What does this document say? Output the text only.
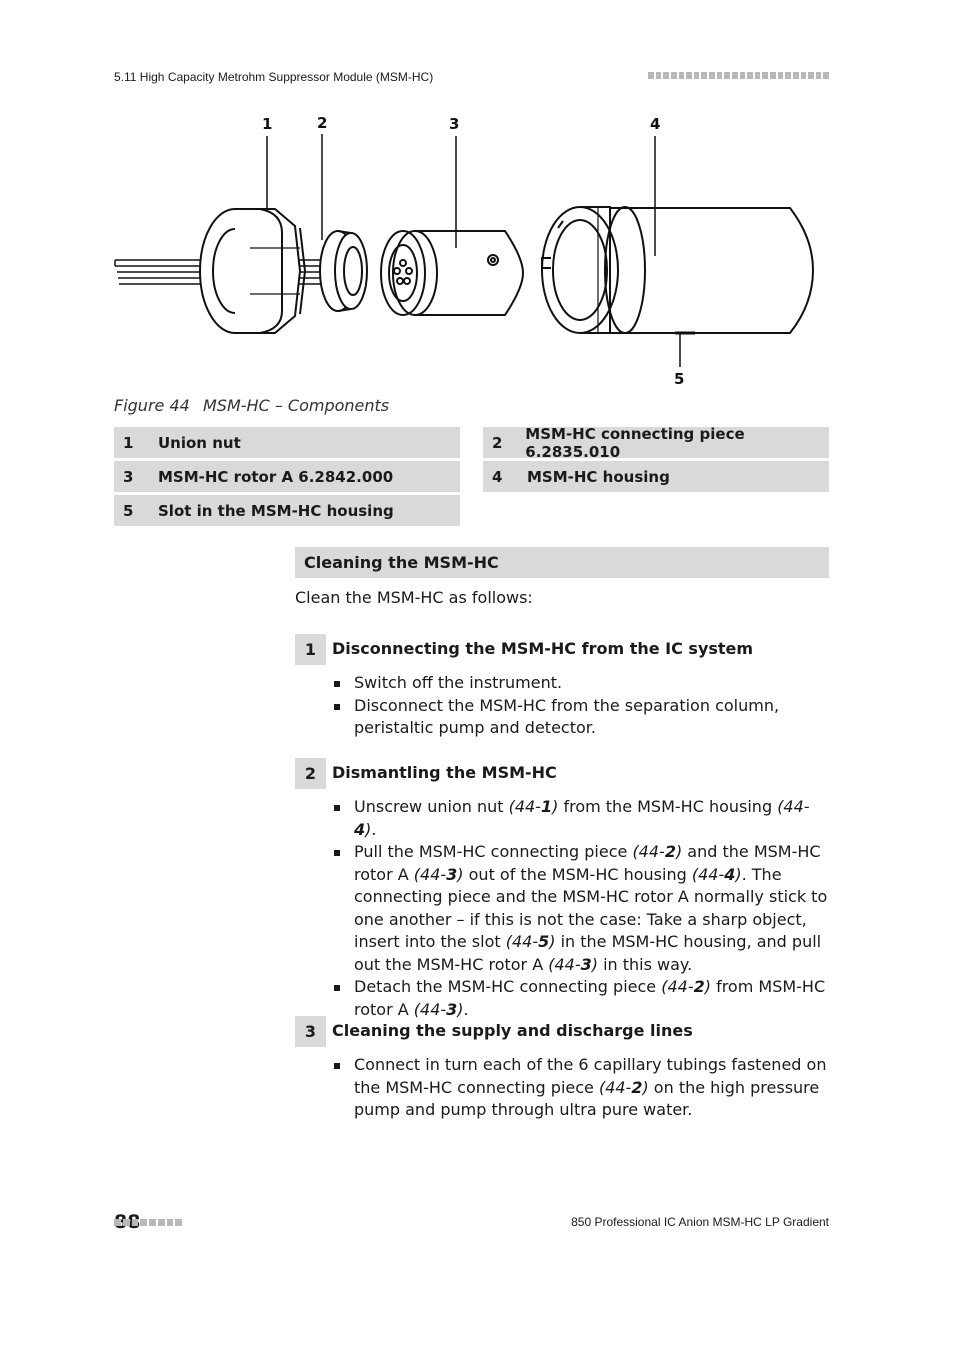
5.11 High Capacity Metrohm Suppressor Module (MSM-HC)
1	2	3	4
5
Figure 44 MSM-HC – Components
1	Union nut	2	MSM-HC connecting piece 6.2835.010
3	MSM-HC rotor A 6.2842.000	4	MSM-HC housing
5	Slot in the MSM-HC housing
Cleaning the MSM-HC
Clean the MSM-HC as follows:
1 Disconnecting the MSM-HC from the IC system
Switch off the instrument.
Disconnect the MSM-HC from the separation column, peristaltic pump and detector.
2 Dismantling the MSM-HC
Unscrew union nut (44-1) from the MSM-HC housing (44-4).
Pull the MSM-HC connecting piece (44-2) and the MSM-HC rotor A (44-3) out of the MSM-HC housing (44-4). The connecting piece and the MSM-HC rotor A normally stick to one another – if this is not the case: Take a sharp object, insert into the slot (44-5) in the MSM-HC housing, and pull out the MSM-HC rotor A (44-3) in this way.
Detach the MSM-HC connecting piece (44-2) from MSM-HC rotor A (44-3).
3 Cleaning the supply and discharge lines
Connect in turn each of the 6 capillary tubings fastened on the MSM-HC connecting piece (44-2) on the high pressure pump and pump through ultra pure water.
850 Professional IC Anion MSM-HC LP Gradient
